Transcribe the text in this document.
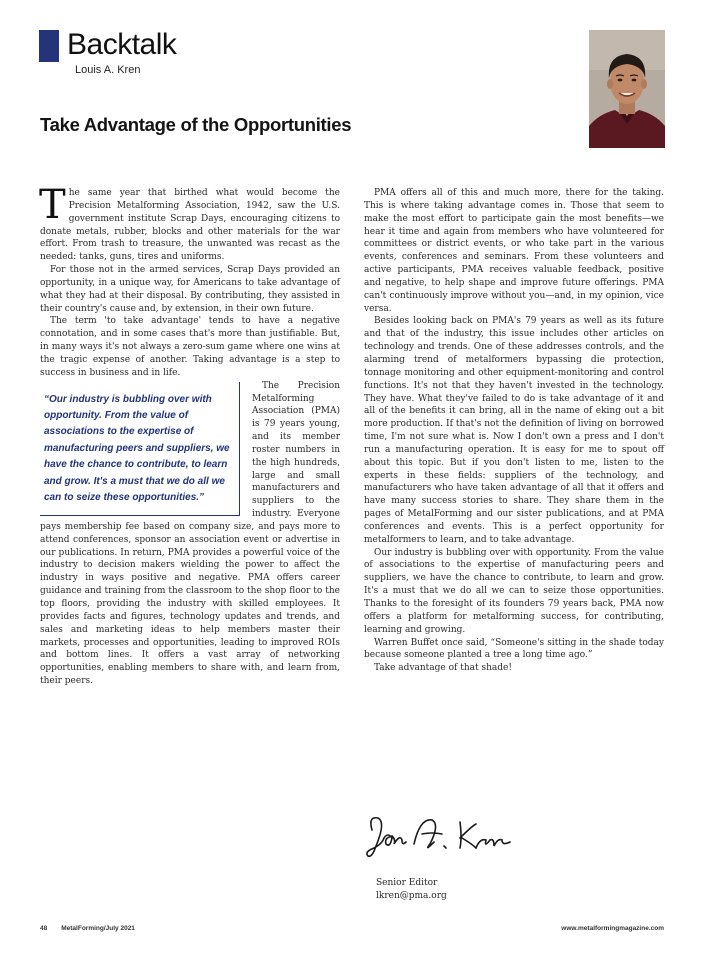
Backtalk
Louis A. Kren
Take Advantage of the Opportunities

The same year that birthed what would become the Precision Metalforming Association, 1942, saw the U.S. government institute Scrap Days, encouraging citizens to donate metals, rubber, blocks and other materials for the war effort. From trash to treasure, the unwanted was recast as the needed: tanks, guns, tires and uniforms.

For those not in the armed services, Scrap Days provided an opportunity, in a unique way, for Americans to take advantage of what they had at their disposal. By contributing, they assisted in their country's cause and, by extension, in their own future.

The term 'to take advantage' tends to have a negative connotation, and in some cases that's more than justifiable. But, in many ways it's not always a zero-sum game where one wins at the tragic expense of another. Taking advantage is a step to success in business and in life.

“Our industry is bubbling over with opportunity. From the value of associations to the expertise of manufacturing peers and suppliers, we have the chance to contribute, to learn and grow. It's a must that we do all we can to seize these opportunities.”

The Precision Metalforming Association (PMA) is 79 years young, and its member roster numbers in the high hundreds, large and small manufacturers and suppliers to the industry. Everyone pays membership fee based on company size, and pays more to attend conferences, sponsor an association event or advertise in our publications. In return, PMA provides a powerful voice of the industry to decision makers wielding the power to affect the industry in ways positive and negative. PMA offers career guidance and training from the classroom to the shop floor to the top floors, providing the industry with skilled employees. It provides facts and figures, technology updates and trends, and sales and marketing ideas to help members master their markets, processes and opportunities, leading to improved ROIs and bottom lines. It offers a vast array of networking opportunities, enabling members to share with, and learn from, their peers.

PMA offers all of this and much more, there for the taking. This is where taking advantage comes in. Those that seem to make the most effort to participate gain the most benefits—we hear it time and again from members who have volunteered for committees or district events, or who take part in the various events, conferences and seminars. From these volunteers and active participants, PMA receives valuable feedback, positive and negative, to help shape and improve future offerings. PMA can't continuously improve without you—and, in my opinion, vice versa.

Besides looking back on PMA's 79 years as well as its future and that of the industry, this issue includes other articles on technology and trends. One of these addresses controls, and the alarming trend of metalformers bypassing die protection, tonnage monitoring and other equipment-monitoring and control functions. It's not that they haven't invested in the technology. They have. What they've failed to do is take advantage of it and all of the benefits it can bring, all in the name of eking out a bit more production. If that's not the definition of living on borrowed time, I'm not sure what is. Now I don't own a press and I don't run a manufacturing operation. It is easy for me to spout off about this topic. But if you don't listen to me, listen to the experts in these fields: suppliers of the technology, and manufacturers who have taken advantage of all that it offers and have many success stories to share. They share them in the pages of MetalForming and our sister publications, and at PMA conferences and events. This is a perfect opportunity for metalformers to learn, and to take advantage.

Our industry is bubbling over with opportunity. From the value of associations to the expertise of manufacturing peers and suppliers, we have the chance to contribute, to learn and grow. It's a must that we do all we can to seize those opportunities. Thanks to the foresight of its founders 79 years back, PMA now offers a platform for metalforming success, for contributing, learning and growing.

Warren Buffet once said, “Someone's sitting in the shade today because someone planted a tree a long time ago.”

Take advantage of that shade!

Senior Editor
lkren@pma.org
48 MetalForming/July 2021	www.metalformingmagazine.com
